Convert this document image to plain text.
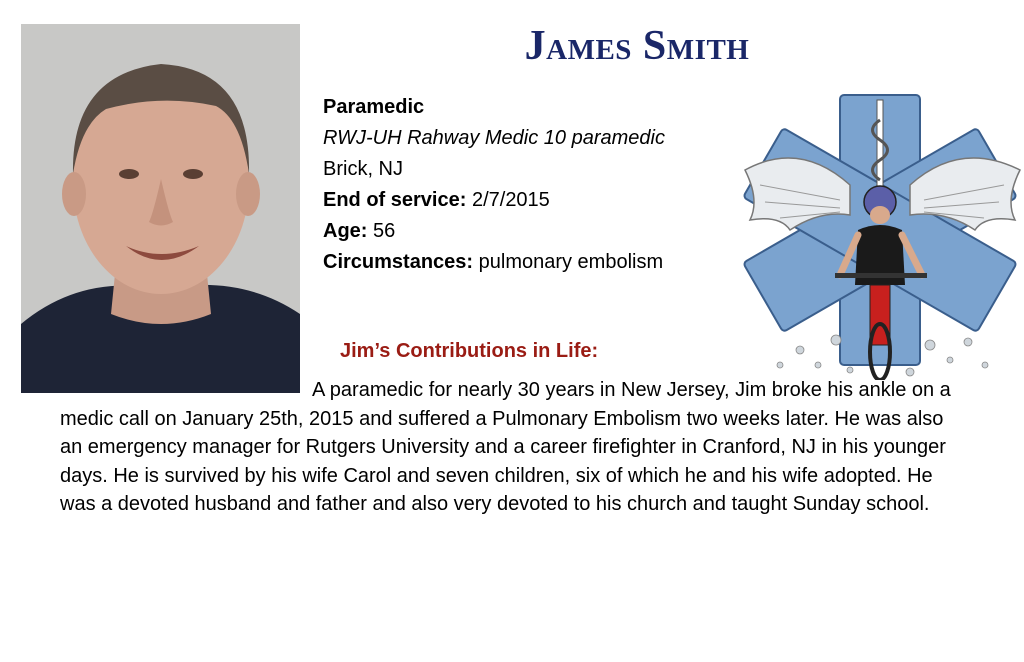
James Smith
Paramedic
RWJ-UH Rahway Medic 10 paramedic
Brick, NJ
End of service: 2/7/2015
Age: 56
Circumstances: pulmonary embolism
Jim’s Contributions in Life:
A paramedic for nearly 30 years in New Jersey, Jim broke his ankle on a medic call on January 25th, 2015 and suffered a Pulmonary Embolism two weeks later. He was also an emergency manager for Rutgers University and a career firefighter in Cranford, NJ in his younger days. He is survived by his wife Carol and seven children, six of which he and his wife adopted. He was a devoted husband and father and also very devoted to his church and taught Sunday school.
